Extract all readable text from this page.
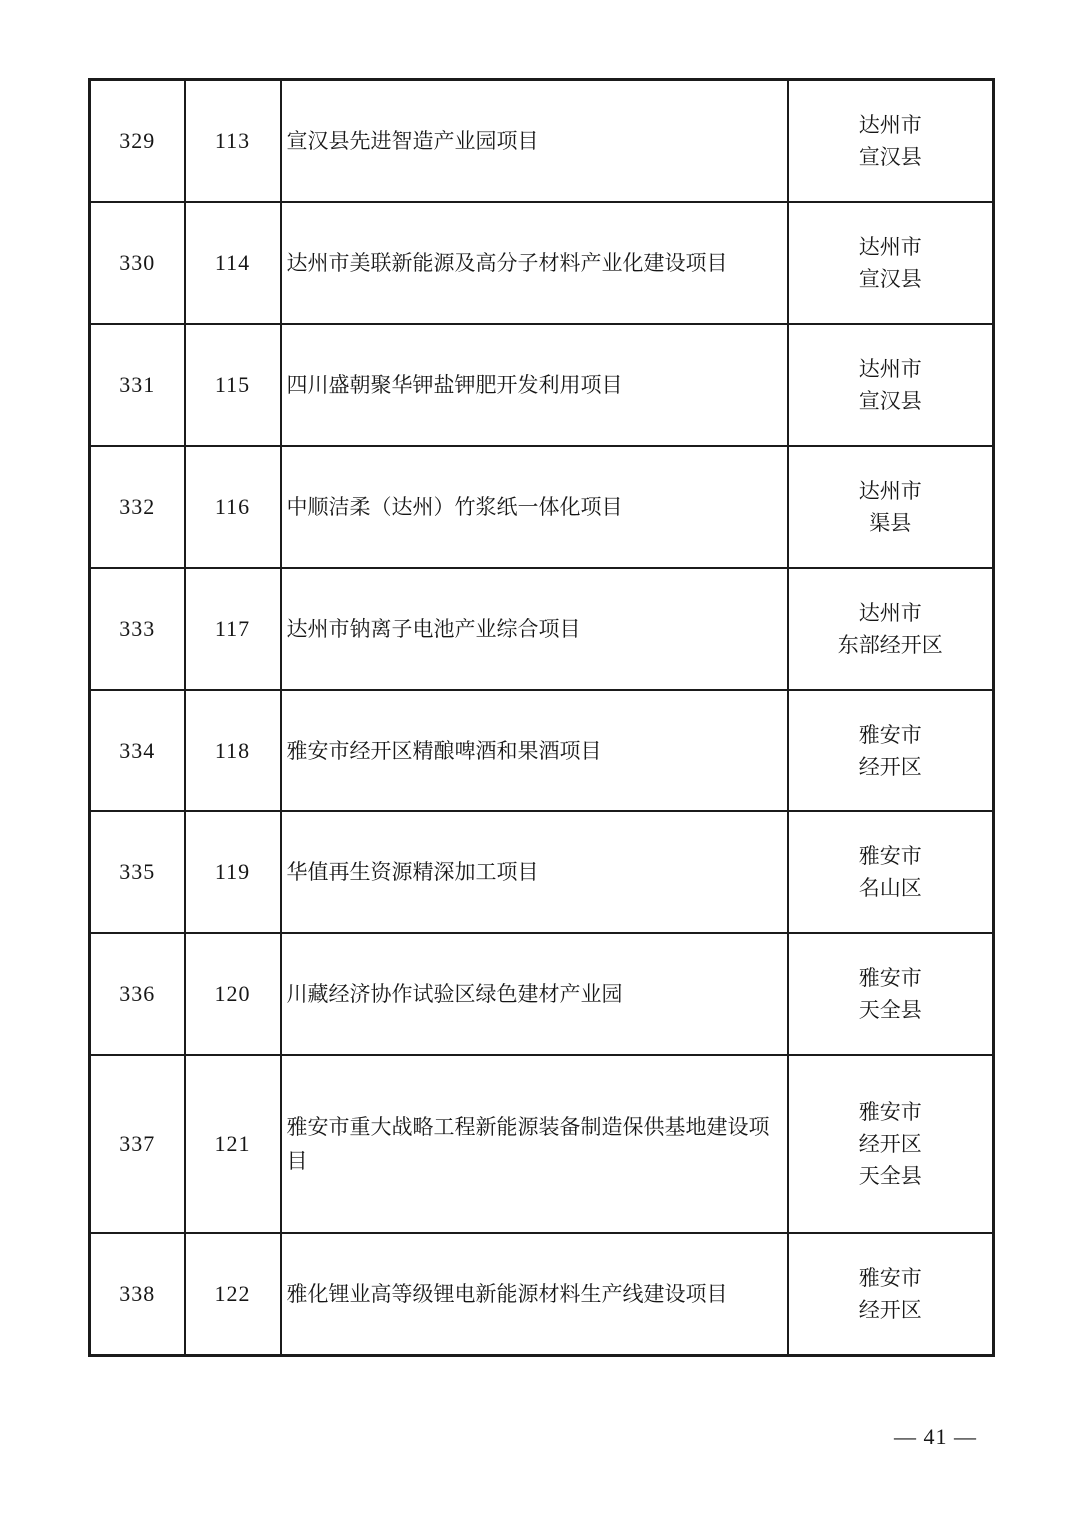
329	113	宣汉县先进智造产业园项目	达州市
宣汉县

330	114	达州市美联新能源及高分子材料产业化建设项目	达州市
宣汉县

331	115	四川盛朝聚华钾盐钾肥开发利用项目	达州市
宣汉县

332	116	中顺洁柔（达州）竹浆纸一体化项目	达州市
渠县

333	117	达州市钠离子电池产业综合项目	达州市
东部经开区

334	118	雅安市经开区精酿啤酒和果酒项目	雅安市
经开区

335	119	华值再生资源精深加工项目	雅安市
名山区

336	120	川藏经济协作试验区绿色建材产业园	雅安市
天全县

337	121	雅安市重大战略工程新能源装备制造保供基地建设项目	雅安市
经开区
天全县

338	122	雅化锂业高等级锂电新能源材料生产线建设项目	雅安市
经开区
— 41 —
